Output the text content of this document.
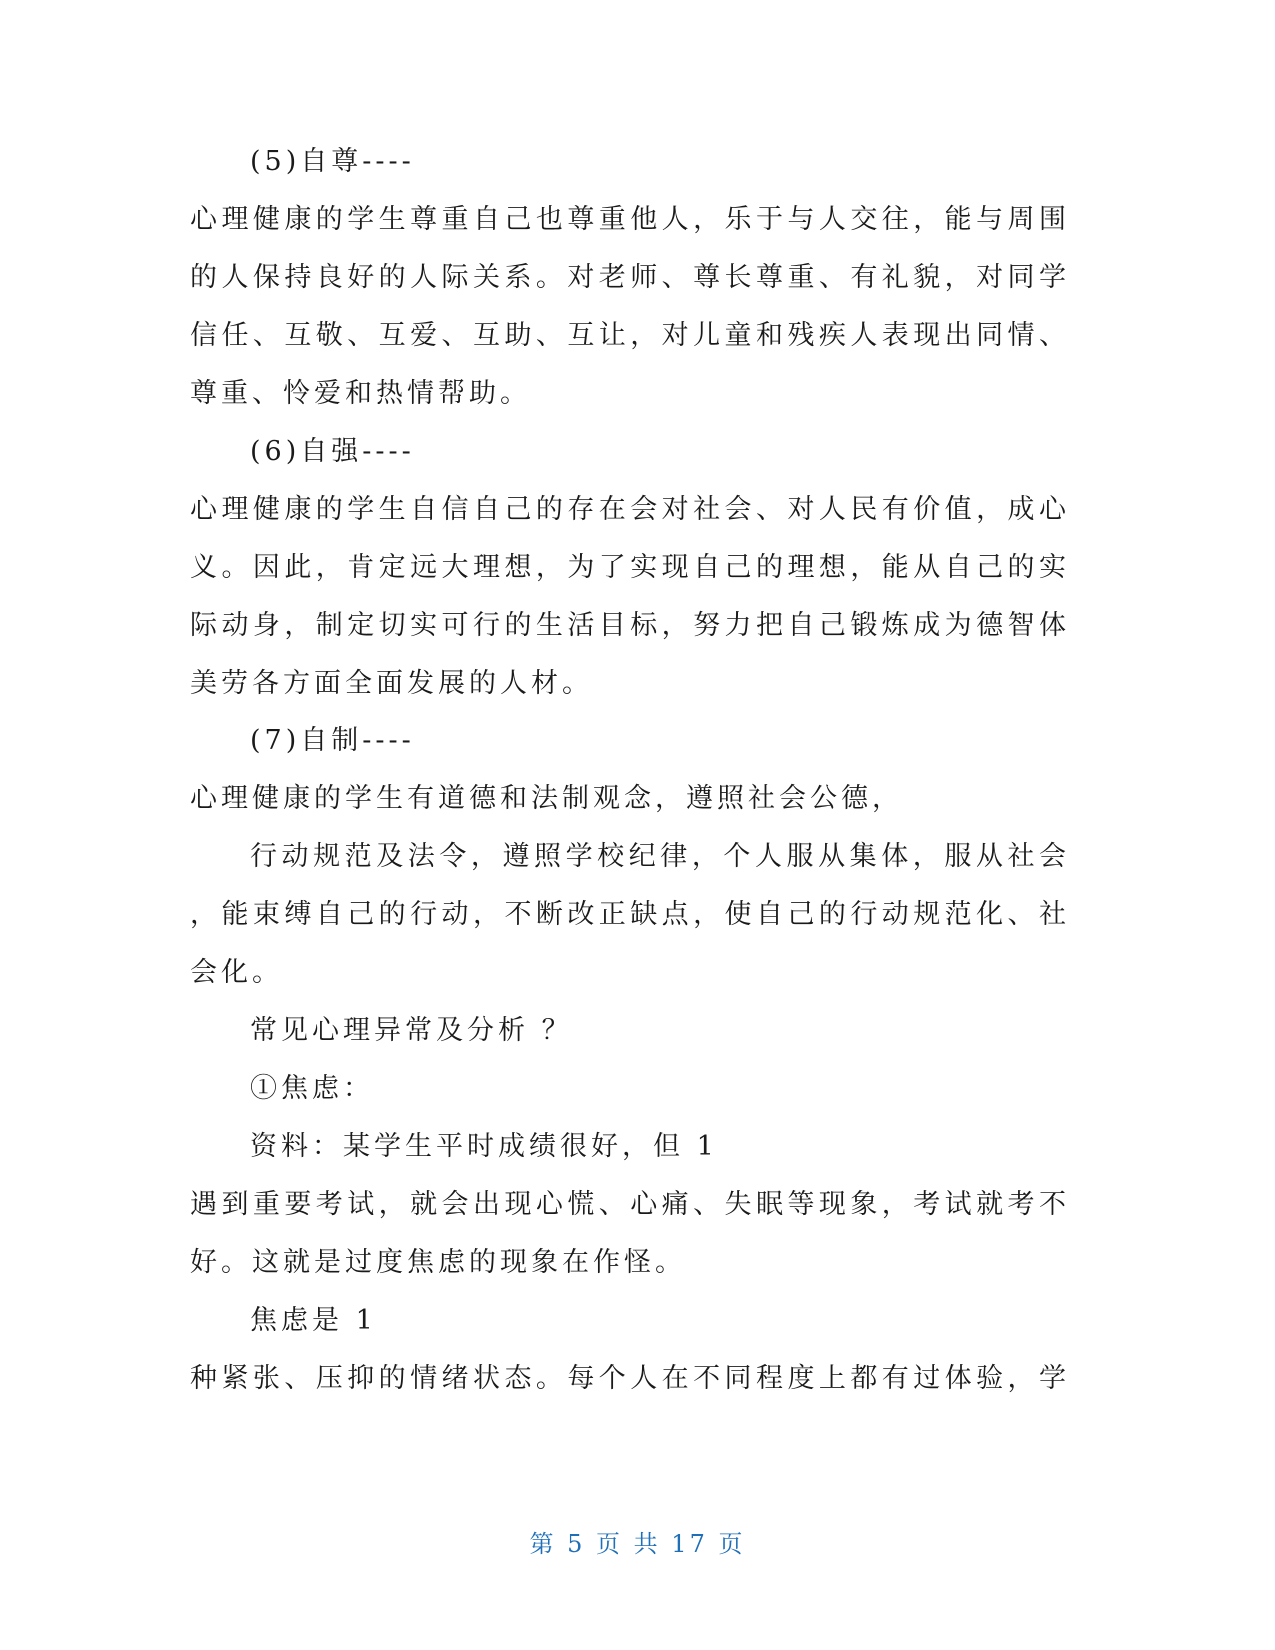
(5)自尊----
心理健康的学生尊重自己也尊重他人，乐于与人交往，能与周围
的人保持良好的人际关系。对老师、尊长尊重、有礼貌，对同学
信任、互敬、互爱、互助、互让，对儿童和残疾人表现出同情、
尊重、怜爱和热情帮助。
(6)自强----
心理健康的学生自信自己的存在会对社会、对人民有价值，成心
义。因此，肯定远大理想，为了实现自己的理想，能从自己的实
际动身，制定切实可行的生活目标，努力把自己锻炼成为德智体
美劳各方面全面发展的人材。
(7)自制----
心理健康的学生有道德和法制观念，遵照社会公德，
行动规范及法令，遵照学校纪律，个人服从集体，服从社会
，能束缚自己的行动，不断改正缺点，使自己的行动规范化、社
会化。
常见心理异常及分析 ？
①焦虑：
资料：某学生平时成绩很好，但 1
遇到重要考试，就会出现心慌、心痛、失眠等现象，考试就考不
好。这就是过度焦虑的现象在作怪。
焦虑是 1
种紧张、压抑的情绪状态。每个人在不同程度上都有过体验，学
第 5 页 共 17 页
